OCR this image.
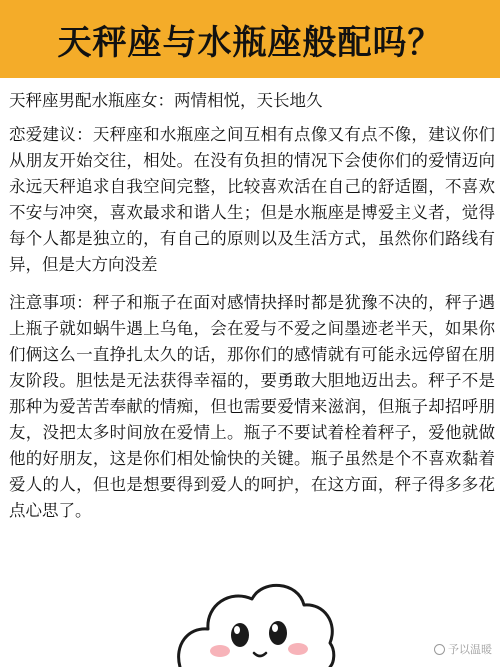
天秤座与水瓶座般配吗？

天秤座男配水瓶座女：两情相悦，天长地久

恋爱建议：天秤座和水瓶座之间互相有点像又有点不像，建议你们从朋友开始交往，相处。在没有负担的情况下会使你们的爱情迈向永远天秤追求自我空间完整，比较喜欢活在自己的舒适圈，不喜欢不安与冲突，喜欢最求和谐人生；但是水瓶座是博爱主义者，觉得每个人都是独立的，有自己的原则以及生活方式，虽然你们路线有异，但是大方向没差

注意事项：秤子和瓶子在面对感情抉择时都是犹豫不决的，秤子遇上瓶子就如蜗牛遇上乌龟，会在爱与不爱之间墨迹老半天，如果你们俩这么一直挣扎太久的话，那你们的感情就有可能永远停留在朋友阶段。胆怯是无法获得幸福的，要勇敢大胆地迈出去。秤子不是那种为爱苦苦奉献的情痴，但也需要爱情来滋润，但瓶子却招呼朋友，没把太多时间放在爱情上。瓶子不要试着栓着秤子，爱他就做他的好朋友，这是你们相处愉快的关键。瓶子虽然是个不喜欢黏着爱人的人，但也是想要得到爱人的呵护，在这方面，秤子得多多花点心思了。

予以温暖
